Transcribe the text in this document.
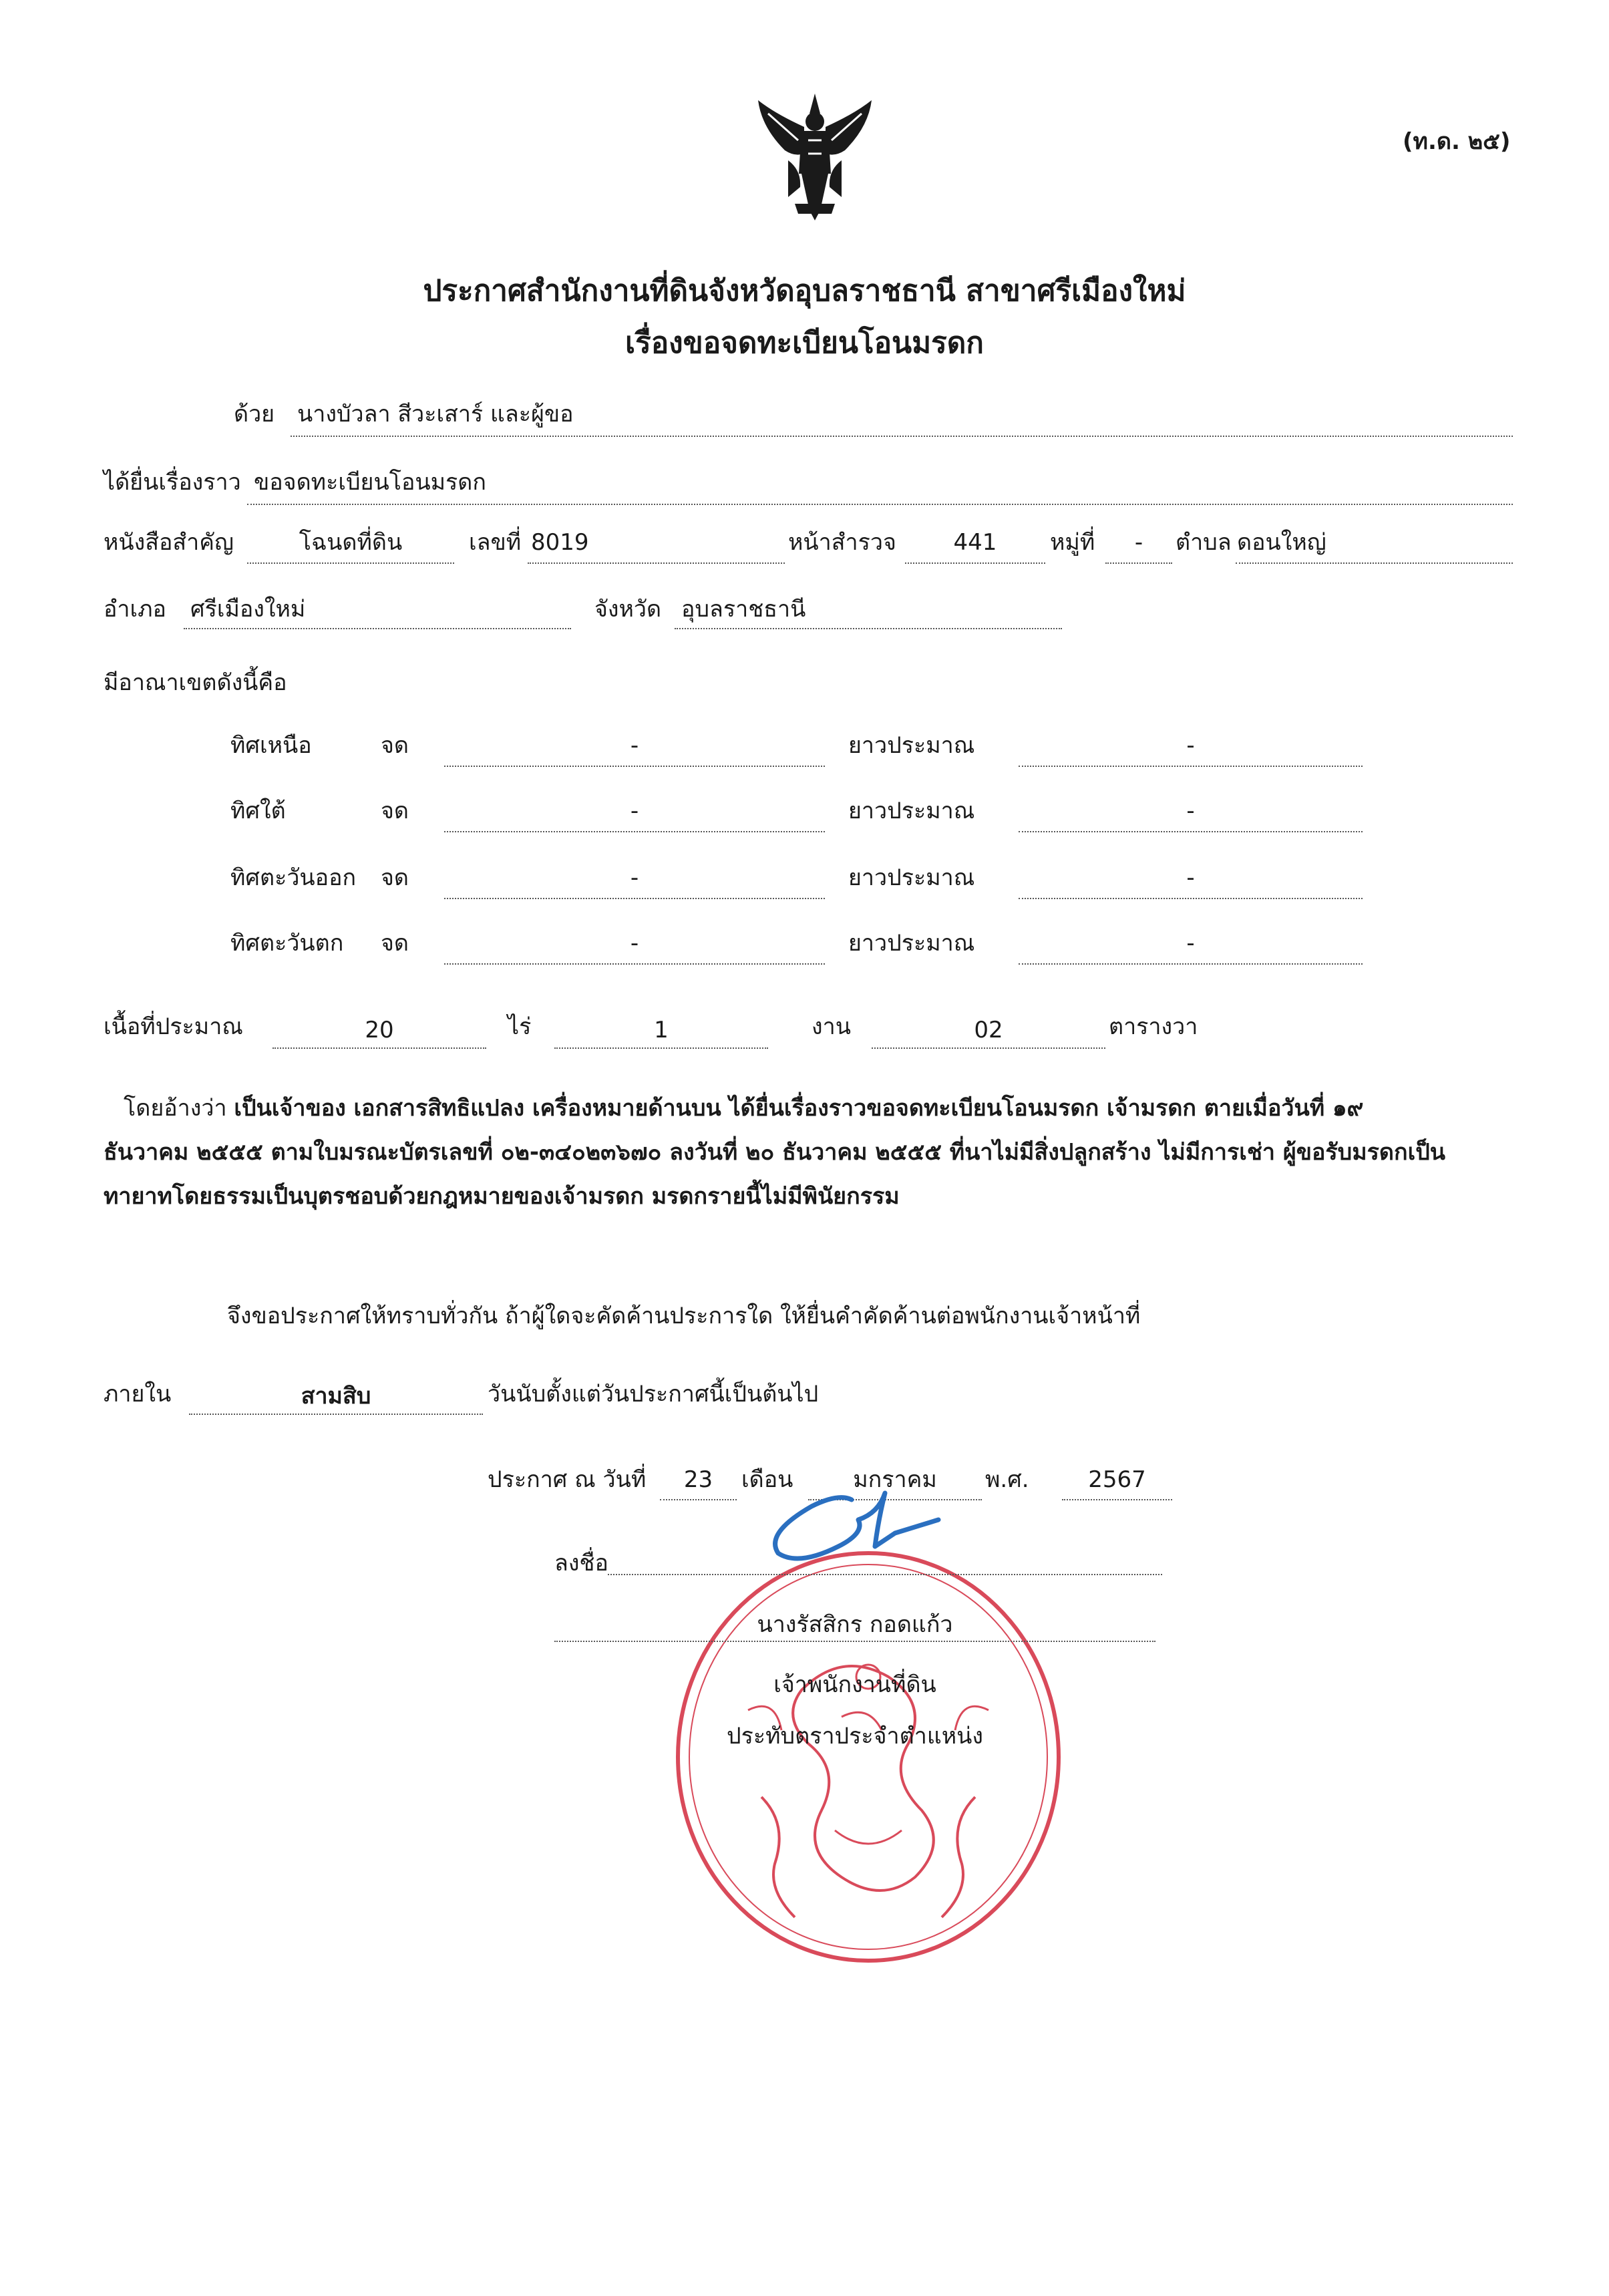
(ท.ด. ๒๕)
ประกาศสำนักงานที่ดินจังหวัดอุบลราชธานี สาขาศรีเมืองใหม่
เรื่องขอจดทะเบียนโอนมรดก
ด้วย นางบัวลา สีวะเสาร์ และผู้ขอ
ได้ยื่นเรื่องราว ขอจดทะเบียนโอนมรดก
หนังสือสำคัญ	โฉนดที่ดิน	เลขที่ 8019	หน้าสำรวจ	441	หมู่ที่	-	ตำบล ดอนใหญ่
อำเภอ ศรีเมืองใหม่	จังหวัด อุบลราชธานี
มีอาณาเขตดังนี้คือ
ทิศเหนือ	จด	-	ยาวประมาณ	-
ทิศใต้	จด	-	ยาวประมาณ	-
ทิศตะวันออก จด	-	ยาวประมาณ	-
ทิศตะวันตก จด	-	ยาวประมาณ	-
เนื้อที่ประมาณ	20	ไร่	1	งาน	02	ตารางวา
โดยอ้างว่า เป็นเจ้าของ เอกสารสิทธิแปลง เครื่องหมายด้านบน ได้ยื่นเรื่องราวขอจดทะเบียนโอนมรดก เจ้ามรดก ตายเมื่อวันที่ ๑๙ ธันวาคม ๒๕๕๕ ตามใบมรณะบัตรเลขที่ ๐๒-๓๔๐๒๓๖๗๐ ลงวันที่ ๒๐ ธันวาคม ๒๕๕๕ ที่นาไม่มีสิ่งปลูกสร้าง ไม่มีการเช่า ผู้ขอรับมรดกเป็นทายาทโดยธรรมเป็นบุตรชอบด้วยกฎหมายของเจ้ามรดก มรดกรายนี้ไม่มีพินัยกรรม
จึงขอประกาศให้ทราบทั่วกัน ถ้าผู้ใดจะคัดค้านประการใด ให้ยื่นคำคัดค้านต่อพนักงานเจ้าหน้าที่
ภายใน	สามสิบ	วันนับตั้งแต่วันประกาศนี้เป็นต้นไป
ประกาศ ณ วันที่	23	เดือน	มกราคม	พ.ศ.	2567
ลงชื่อ
นางรัสสิกร กอดแก้ว
เจ้าพนักงานที่ดิน
ประทับตราประจำตำแหน่ง
